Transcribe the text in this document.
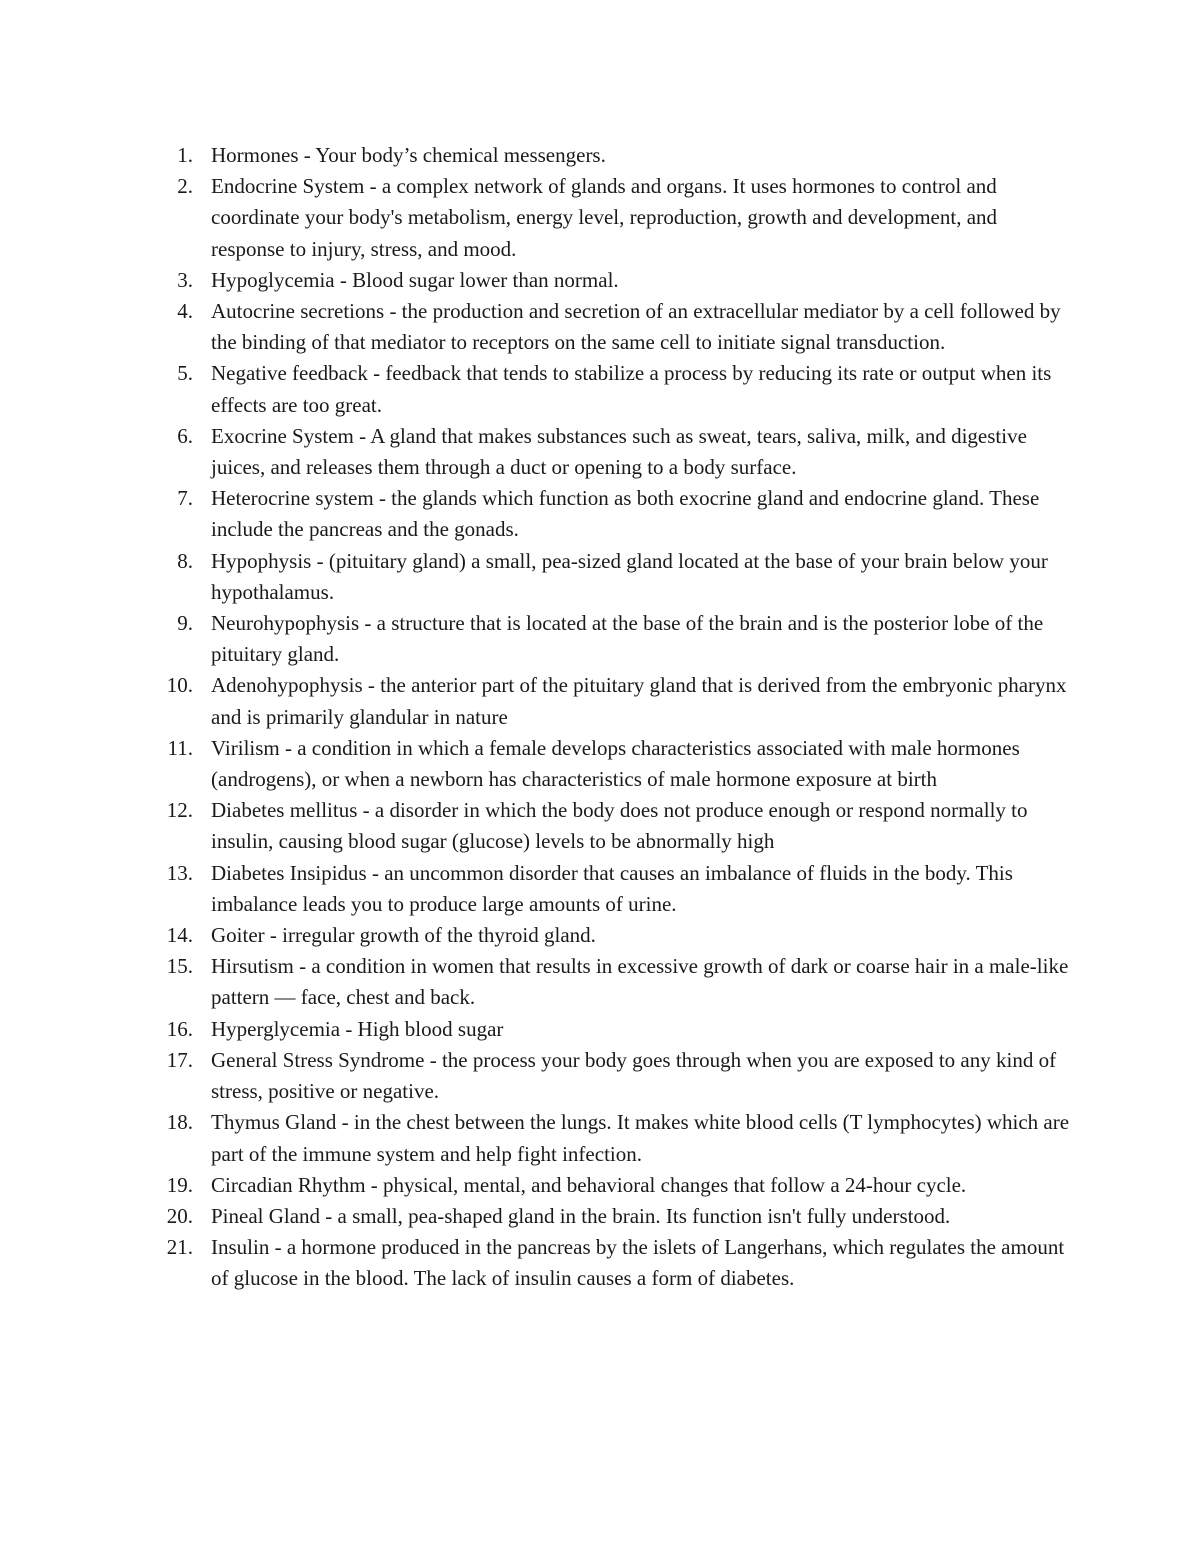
1. Hormones - Your body’s chemical messengers.
2. Endocrine System - a complex network of glands and organs. It uses hormones to control and coordinate your body's metabolism, energy level, reproduction, growth and development, and response to injury, stress, and mood.
3. Hypoglycemia - Blood sugar lower than normal.
4. Autocrine secretions - the production and secretion of an extracellular mediator by a cell followed by the binding of that mediator to receptors on the same cell to initiate signal transduction.
5. Negative feedback - feedback that tends to stabilize a process by reducing its rate or output when its effects are too great.
6. Exocrine System - A gland that makes substances such as sweat, tears, saliva, milk, and digestive juices, and releases them through a duct or opening to a body surface.
7. Heterocrine system - the glands which function as both exocrine gland and endocrine gland. These include the pancreas and the gonads.
8. Hypophysis - (pituitary gland) a small, pea-sized gland located at the base of your brain below your hypothalamus.
9. Neurohypophysis - a structure that is located at the base of the brain and is the posterior lobe of the pituitary gland.
10. Adenohypophysis - the anterior part of the pituitary gland that is derived from the embryonic pharynx and is primarily glandular in nature
11. Virilism - a condition in which a female develops characteristics associated with male hormones (androgens), or when a newborn has characteristics of male hormone exposure at birth
12. Diabetes mellitus - a disorder in which the body does not produce enough or respond normally to insulin, causing blood sugar (glucose) levels to be abnormally high
13. Diabetes Insipidus - an uncommon disorder that causes an imbalance of fluids in the body. This imbalance leads you to produce large amounts of urine.
14. Goiter - irregular growth of the thyroid gland.
15. Hirsutism - a condition in women that results in excessive growth of dark or coarse hair in a male-like pattern — face, chest and back.
16. Hyperglycemia - High blood sugar
17. General Stress Syndrome - the process your body goes through when you are exposed to any kind of stress, positive or negative.
18. Thymus Gland - in the chest between the lungs. It makes white blood cells (T lymphocytes) which are part of the immune system and help fight infection.
19. Circadian Rhythm - physical, mental, and behavioral changes that follow a 24-hour cycle.
20. Pineal Gland - a small, pea-shaped gland in the brain. Its function isn't fully understood.
21. Insulin - a hormone produced in the pancreas by the islets of Langerhans, which regulates the amount of glucose in the blood. The lack of insulin causes a form of diabetes.
